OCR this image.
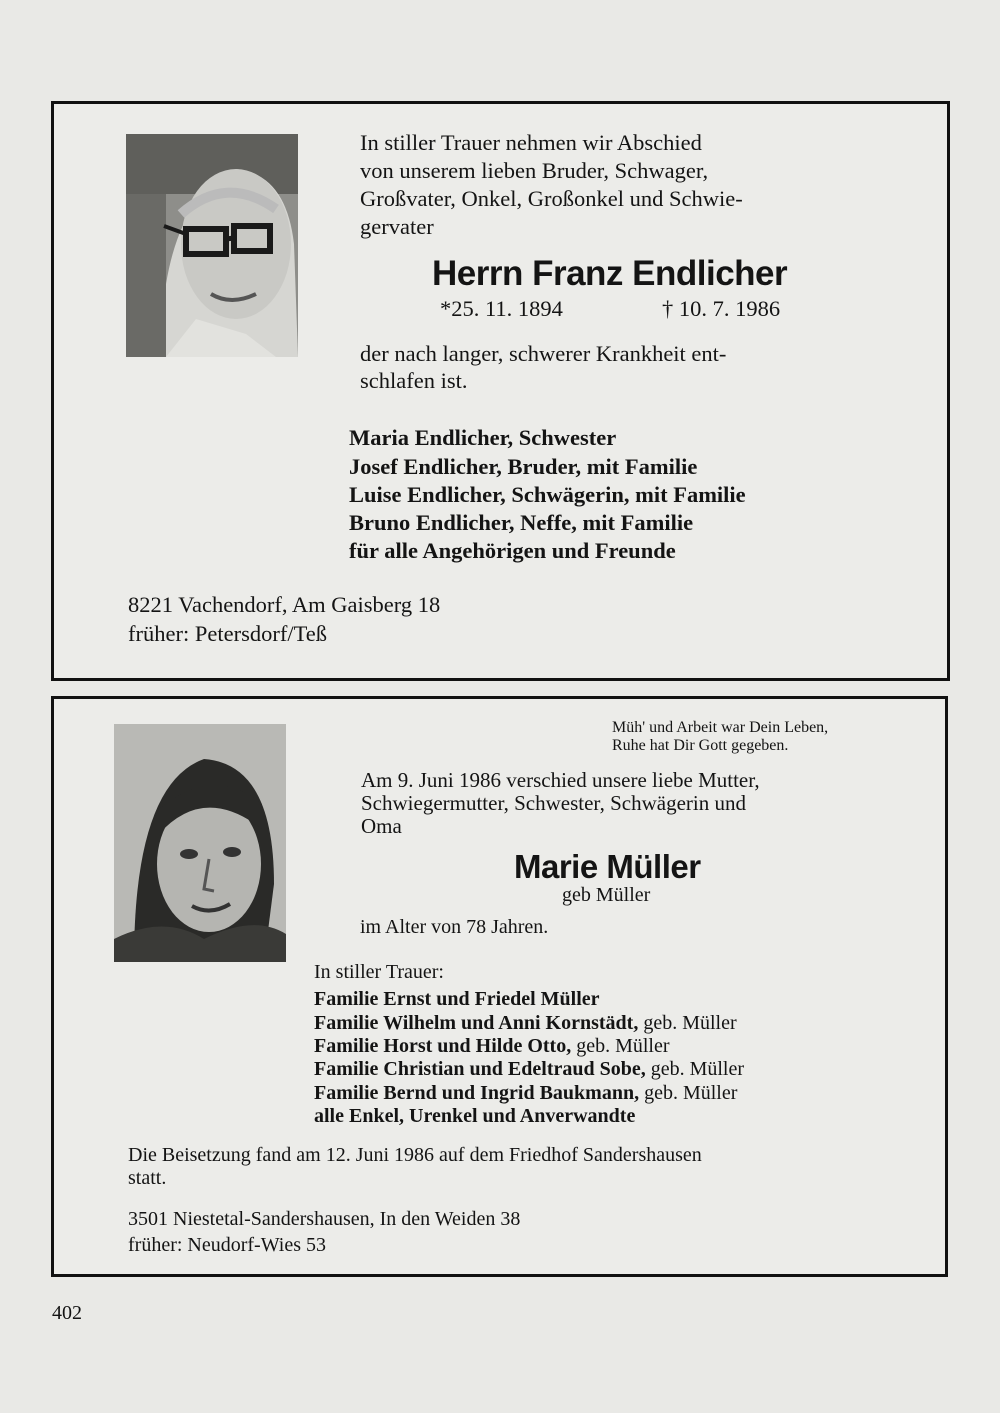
In stiller Trauer nehmen wir Abschied
von unserem lieben Bruder, Schwager,
Großvater, Onkel, Großonkel und Schwie-
gervater
Herrn Franz Endlicher
*25. 11. 1894	† 10. 7. 1986
der nach langer, schwerer Krankheit ent-
schlafen ist.
Maria Endlicher, Schwester
Josef Endlicher, Bruder, mit Familie
Luise Endlicher, Schwägerin, mit Familie
Bruno Endlicher, Neffe, mit Familie
für alle Angehörigen und Freunde
8221 Vachendorf, Am Gaisberg 18
früher: Petersdorf/Teß
Müh' und Arbeit war Dein Leben,
Ruhe hat Dir Gott gegeben.
Am 9. Juni 1986 verschied unsere liebe Mutter,
Schwiegermutter, Schwester, Schwägerin und
Oma
Marie Müller
geb Müller
im Alter von 78 Jahren.
In stiller Trauer:
Familie Ernst und Friedel Müller
Familie Wilhelm und Anni Kornstädt, geb. Müller
Familie Horst und Hilde Otto, geb. Müller
Familie Christian und Edeltraud Sobe, geb. Müller
Familie Bernd und Ingrid Baukmann, geb. Müller
alle Enkel, Urenkel und Anverwandte
Die Beisetzung fand am 12. Juni 1986 auf dem Friedhof Sandershausen
statt.
3501 Niestetal-Sandershausen, In den Weiden 38
früher: Neudorf-Wies 53
402
